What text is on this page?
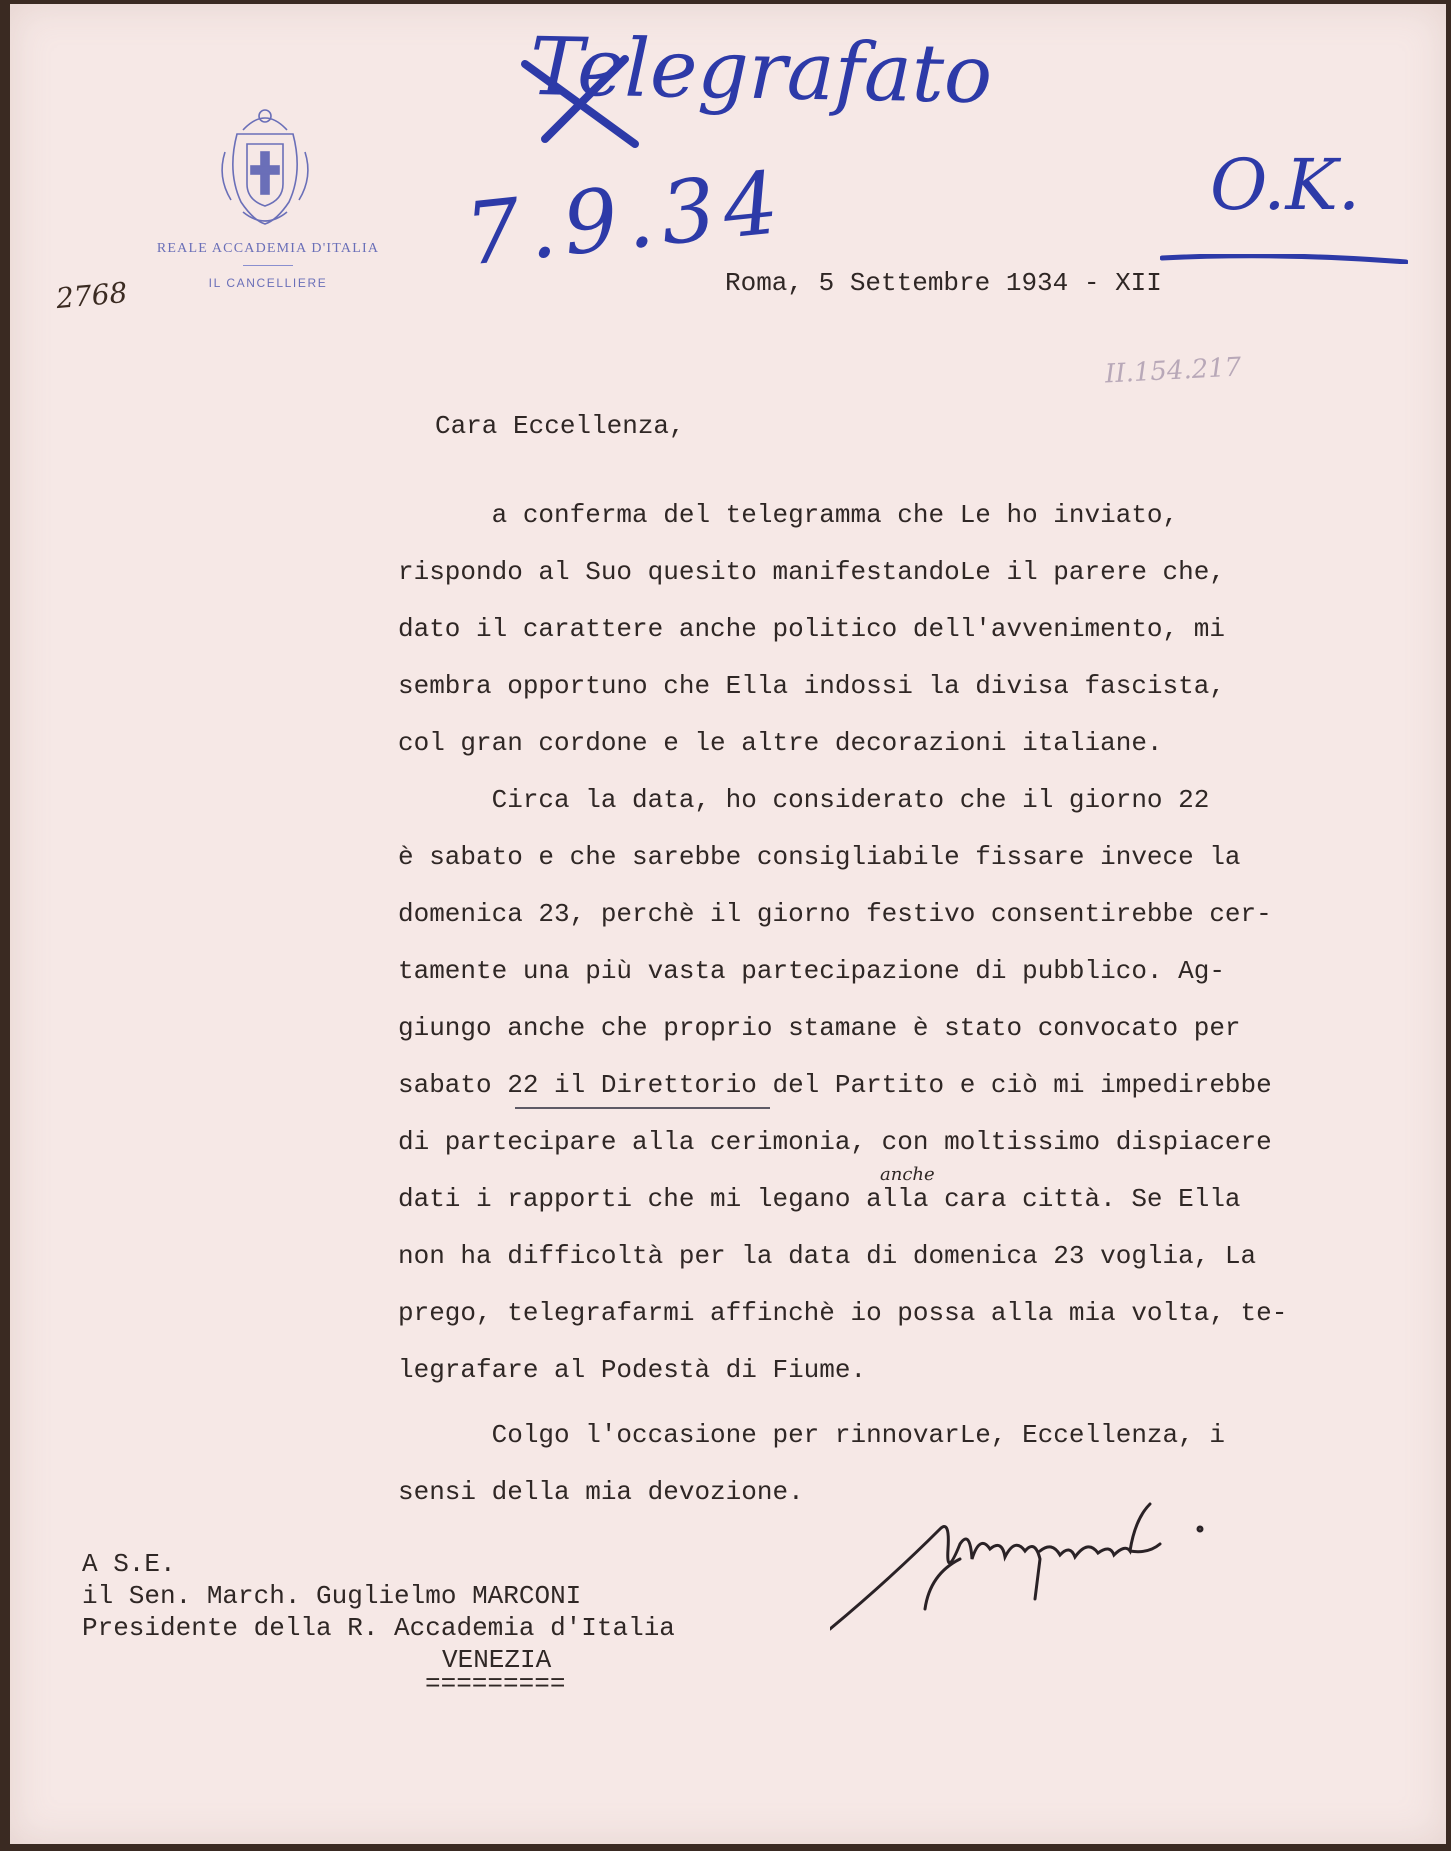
REALE ACCADEMIA D'ITALIA
IL CANCELLIERE
Telegrafato
7.9.34	O.K.
2768
II.154.217
Roma, 5 Settembre 1934 - XII
Cara Eccellenza,
a conferma del telegramma che Le ho inviato,
rispondo al Suo quesito manifestandoLe il parere che,
dato il carattere anche politico dell'avvenimento, mi
sembra opportuno che Ella indossi la divisa fascista,
col gran cordone e le altre decorazioni italiane.
Circa la data, ho considerato che il giorno 22
è sabato e che sarebbe consigliabile fissare invece la
domenica 23, perchè il giorno festivo consentirebbe cer-
tamente una più vasta partecipazione di pubblico. Ag-
giungo anche che proprio stamane è stato convocato per
sabato 22 il Direttorio del Partito e ciò mi impedirebbe
di partecipare alla cerimonia, con moltissimo dispiacere
anche
dati i rapporti che mi legano alla cara città. Se Ella
non ha difficoltà per la data di domenica 23 voglia, La
prego, telegrafarmi affinchè io possa alla mia volta, te-
legrafare al Podestà di Fiume.
Colgo l'occasione per rinnovarLe, Eccellenza, i
sensi della mia devozione.
A S.E.
il Sen. March. Guglielmo MARCONI
Presidente della R. Accademia d'Italia
VENEZIA
=========
